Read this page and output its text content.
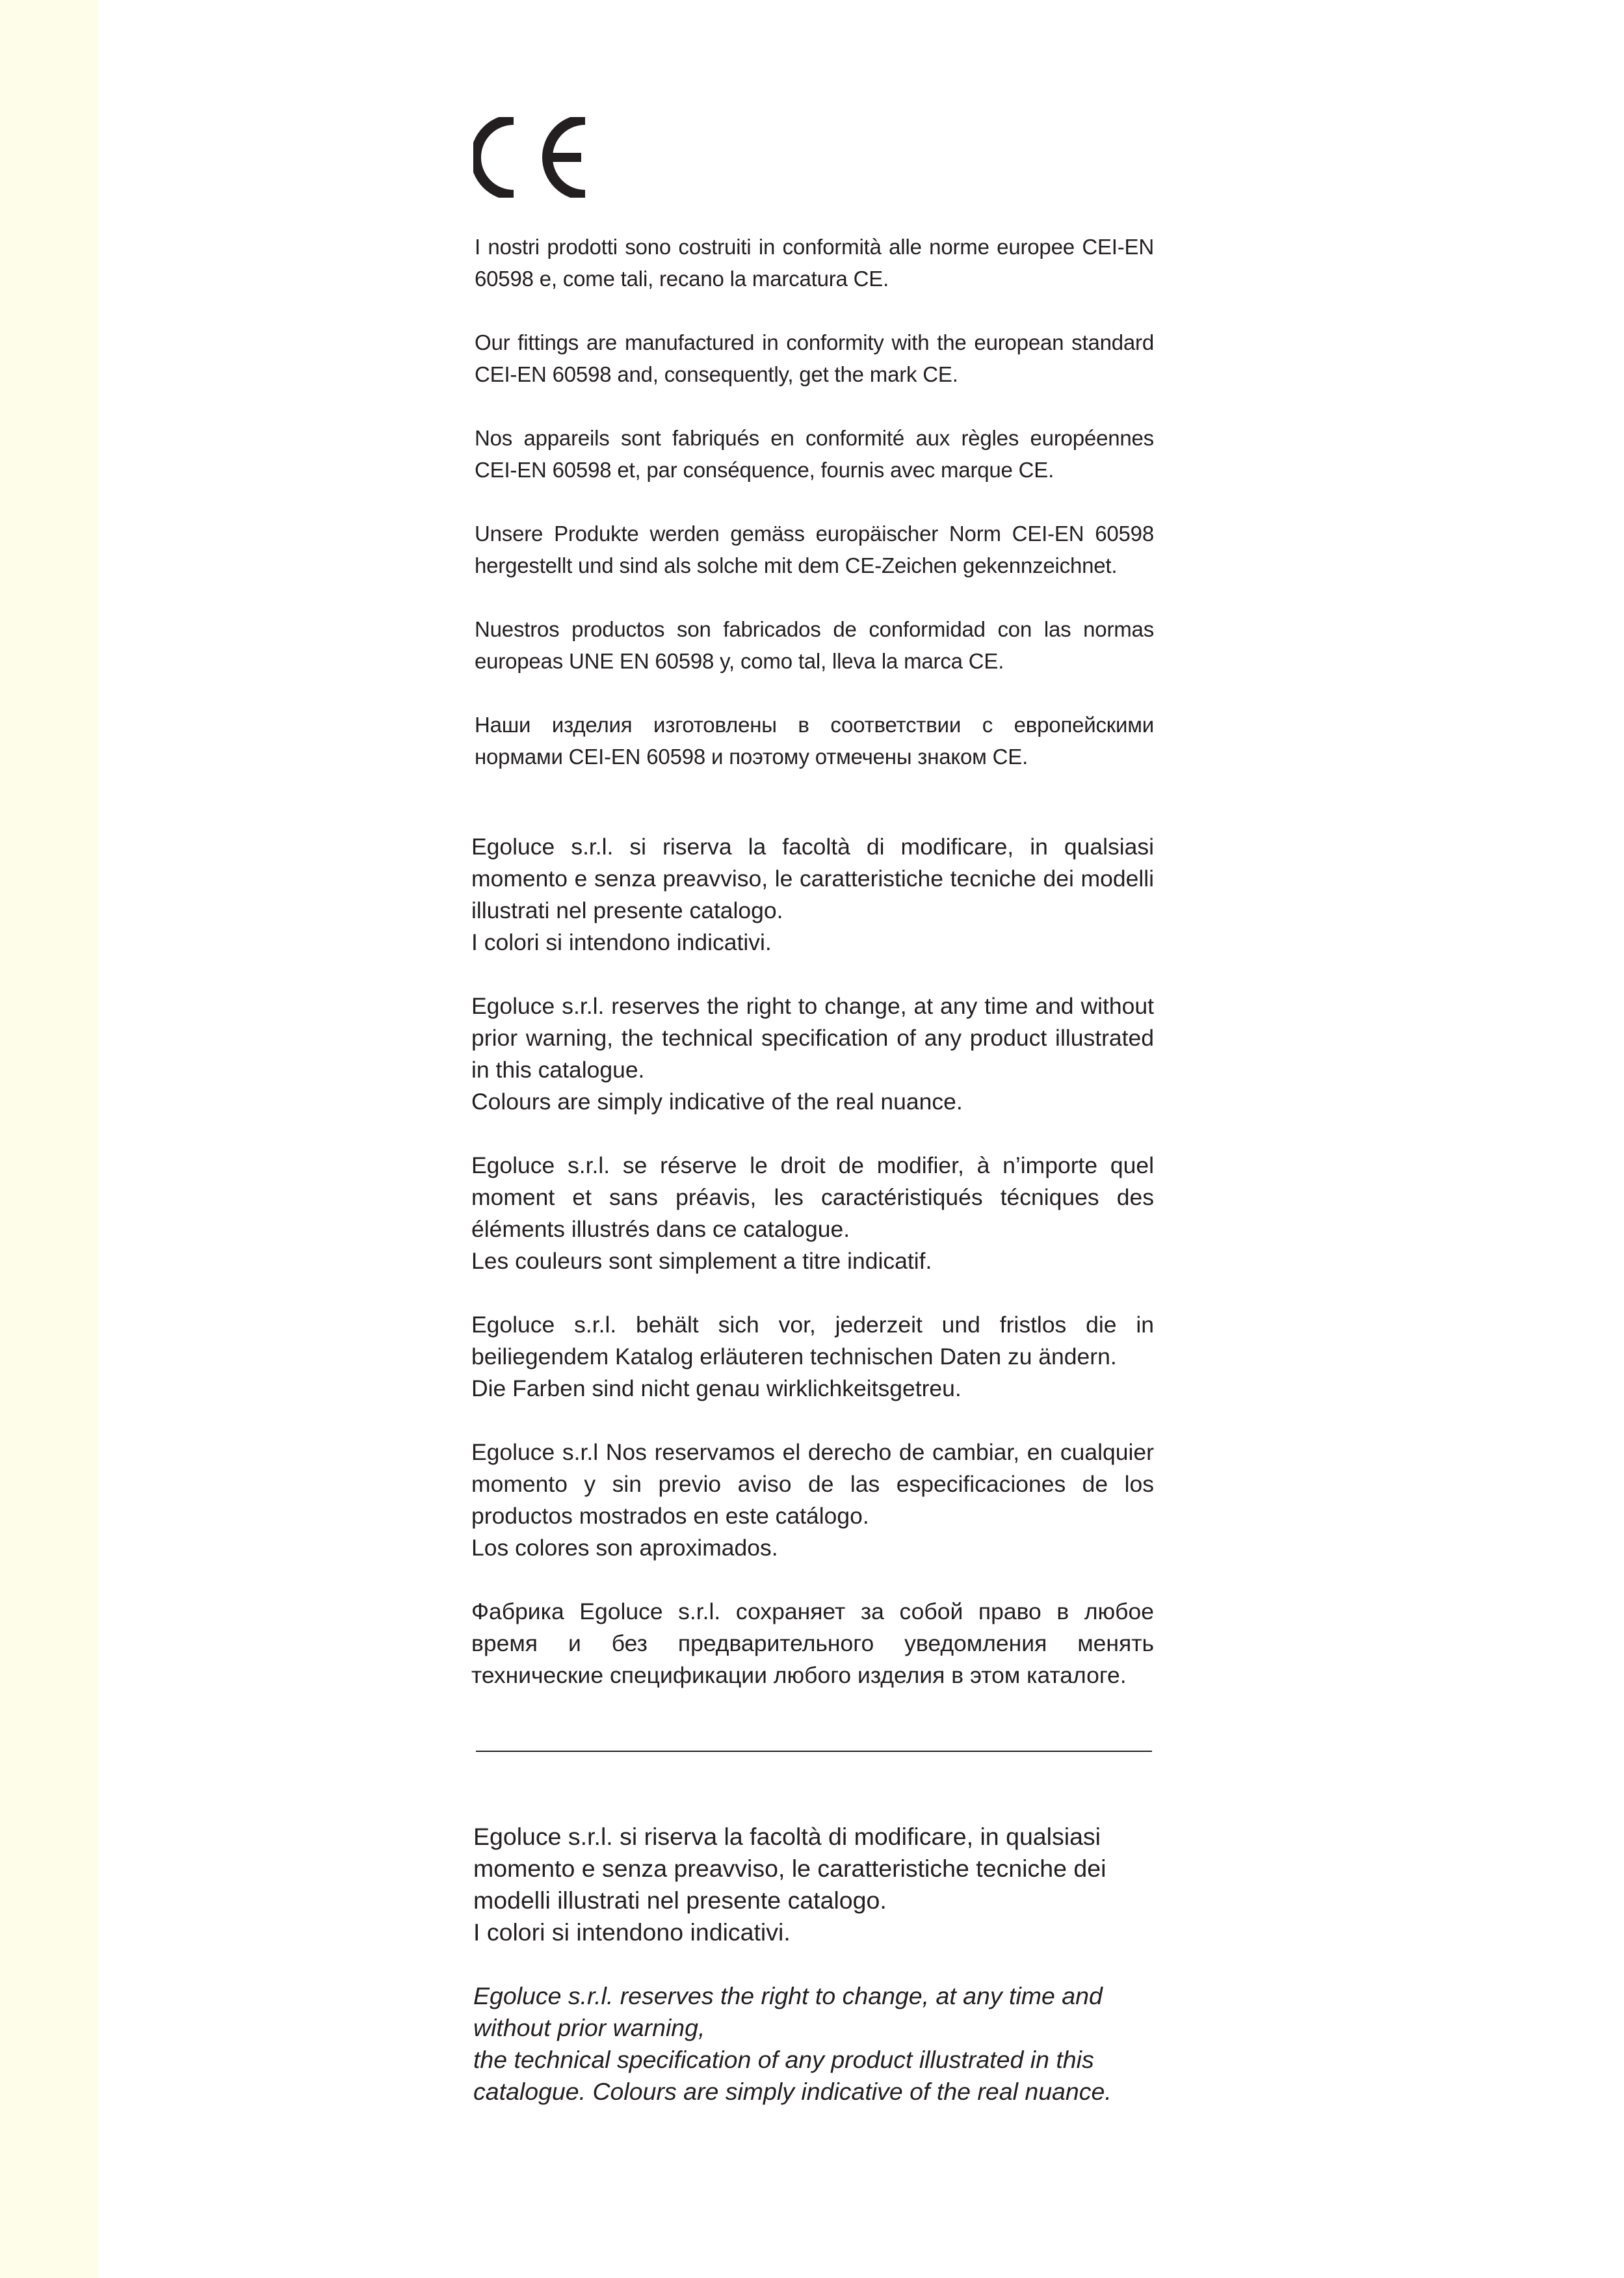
I nostri prodotti sono costruiti in conformità alle norme europee CEI-EN 60598 e, come tali, recano la marcatura CE.

Our fittings are manufactured in conformity with the european standard CEI-EN 60598 and, consequently, get the mark CE.

Nos appareils sont fabriqués en conformité aux règles européennes CEI-EN 60598 et, par conséquence, fournis avec marque CE.

Unsere Produkte werden gemäss europäischer Norm CEI-EN 60598 hergestellt und sind als solche mit dem CE-Zeichen gekennzeichnet.

Nuestros productos son fabricados de conformidad con las normas europeas UNE EN 60598 y, como tal, lleva la marca CE.

Наши изделия изготовлены в соответствии с европейскими нормами CEI-EN 60598 и поэтому отмечены знаком CE.

Egoluce s.r.l. si riserva la facoltà di modificare, in qualsiasi momento e senza preavviso, le caratteristiche tecniche dei modelli illustrati nel presente catalogo.
I colori si intendono indicativi.
Egoluce s.r.l. reserves the right to change, at any time and without prior warning, the technical specification of any product illustrated in this catalogue.
Colours are simply indicative of the real nuance.
Egoluce s.r.l. se réserve le droit de modifier, à n’importe quel moment et sans préavis, les caractéristiqués técniques des éléments illustrés dans ce catalogue.
Les couleurs sont simplement a titre indicatif.
Egoluce s.r.l. behält sich vor, jederzeit und fristlos die in beiliegendem Katalog erläuteren technischen Daten zu ändern.
Die Farben sind nicht genau wirklichkeitsgetreu.
Egoluce s.r.l Nos reservamos el derecho de cambiar, en cualquier momento y sin previo aviso de las especificaciones de los productos mostrados en este catálogo.
Los colores son aproximados.
Фабрика Egoluce s.r.l. сохраняет за собой право в любое время и без предварительного уведомления менять технические спецификации любого изделия в этом каталоге.
Egoluce s.r.l. si riserva la facoltà di modificare, in qualsiasi
momento e senza preavviso, le caratteristiche tecniche dei
modelli illustrati nel presente catalogo.
I colori si intendono indicativi.
Egoluce s.r.l. reserves the right to change, at any time and
without prior warning,
the technical specification of any product illustrated in this
catalogue. Colours are simply indicative of the real nuance.
